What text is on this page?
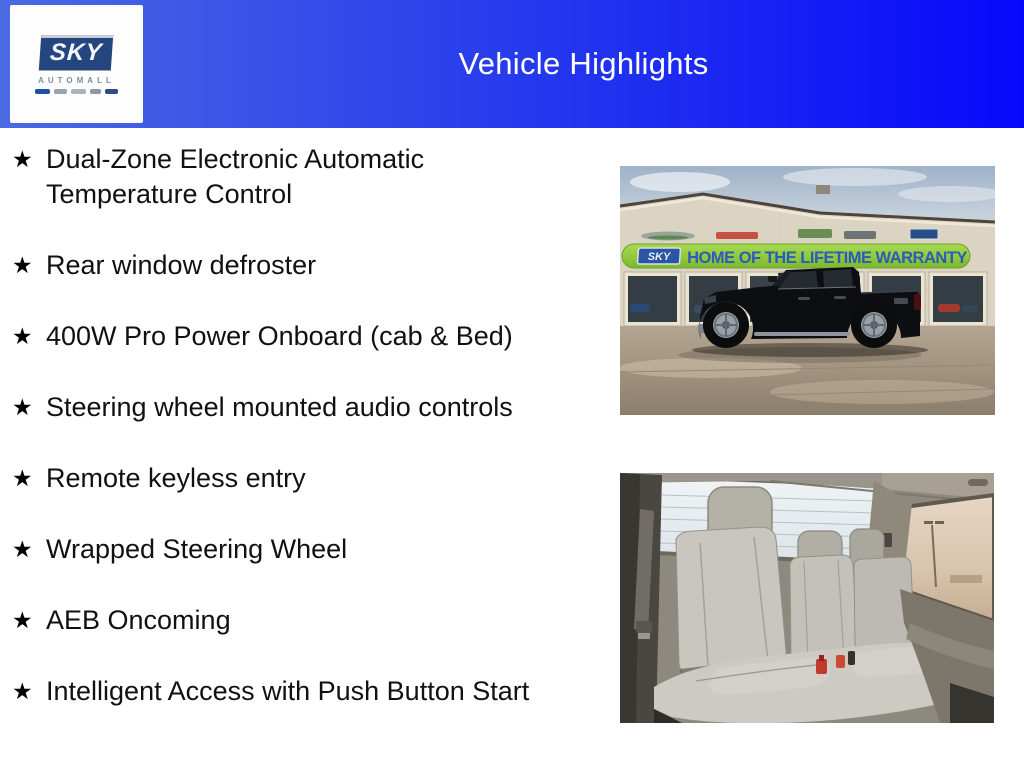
SKY
AUTOMALL	Vehicle Highlights
★ Dual-Zone Electronic Automatic Temperature Control
★ Rear window defroster
★ 400W Pro Power Onboard (cab & Bed)
★ Steering wheel mounted audio controls
★ Remote keyless entry
★ Wrapped Steering Wheel
★ AEB Oncoming
★ Intelligent Access with Push Button Start
SKY HOME OF THE LIFETIME WARRANTY
